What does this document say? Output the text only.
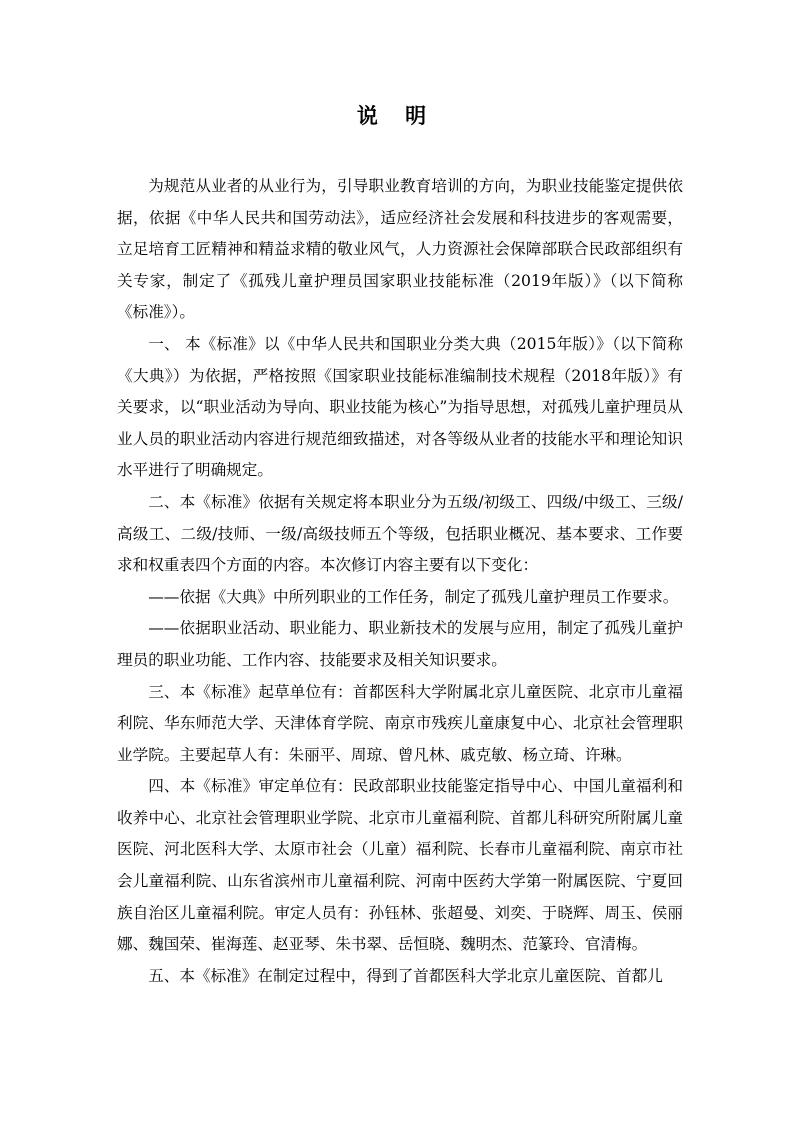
说 明

为规范从业者的从业行为，引导职业教育培训的方向，为职业技能鉴定提供依据，依据《中华人民共和国劳动法》，适应经济社会发展和科技进步的客观需要，立足培育工匠精神和精益求精的敬业风气，人力资源社会保障部联合民政部组织有关专家，制定了《孤残儿童护理员国家职业技能标准（2019年版）》（以下简称《标准》）。

一、 本《标准》以《中华人民共和国职业分类大典（2015年版）》（以下简称《大典》）为依据，严格按照《国家职业技能标准编制技术规程（2018年版）》有关要求，以“职业活动为导向、职业技能为核心”为指导思想，对孤残儿童护理员从业人员的职业活动内容进行规范细致描述，对各等级从业者的技能水平和理论知识水平进行了明确规定。

二、本《标准》依据有关规定将本职业分为五级/初级工、四级/中级工、三级/高级工、二级/技师、一级/高级技师五个等级，包括职业概况、基本要求、工作要求和权重表四个方面的内容。本次修订内容主要有以下变化：

——依据《大典》中所列职业的工作任务，制定了孤残儿童护理员工作要求。

——依据职业活动、职业能力、职业新技术的发展与应用，制定了孤残儿童护理员的职业功能、工作内容、技能要求及相关知识要求。

三、本《标准》起草单位有：首都医科大学附属北京儿童医院、北京市儿童福利院、华东师范大学、天津体育学院、南京市残疾儿童康复中心、北京社会管理职业学院。主要起草人有：朱丽平、周琼、曾凡林、戚克敏、杨立琦、许琳。

四、本《标准》审定单位有：民政部职业技能鉴定指导中心、中国儿童福利和收养中心、北京社会管理职业学院、北京市儿童福利院、首都儿科研究所附属儿童医院、河北医科大学、太原市社会（儿童）福利院、长春市儿童福利院、南京市社会儿童福利院、山东省滨州市儿童福利院、河南中医药大学第一附属医院、宁夏回族自治区儿童福利院。审定人员有：孙钰林、张超曼、刘奕、于晓辉、周玉、侯丽娜、魏国荣、崔海莲、赵亚琴、朱书翠、岳恒晓、魏明杰、范篆玲、官清梅。

五、本《标准》在制定过程中，得到了首都医科大学北京儿童医院、首都儿
